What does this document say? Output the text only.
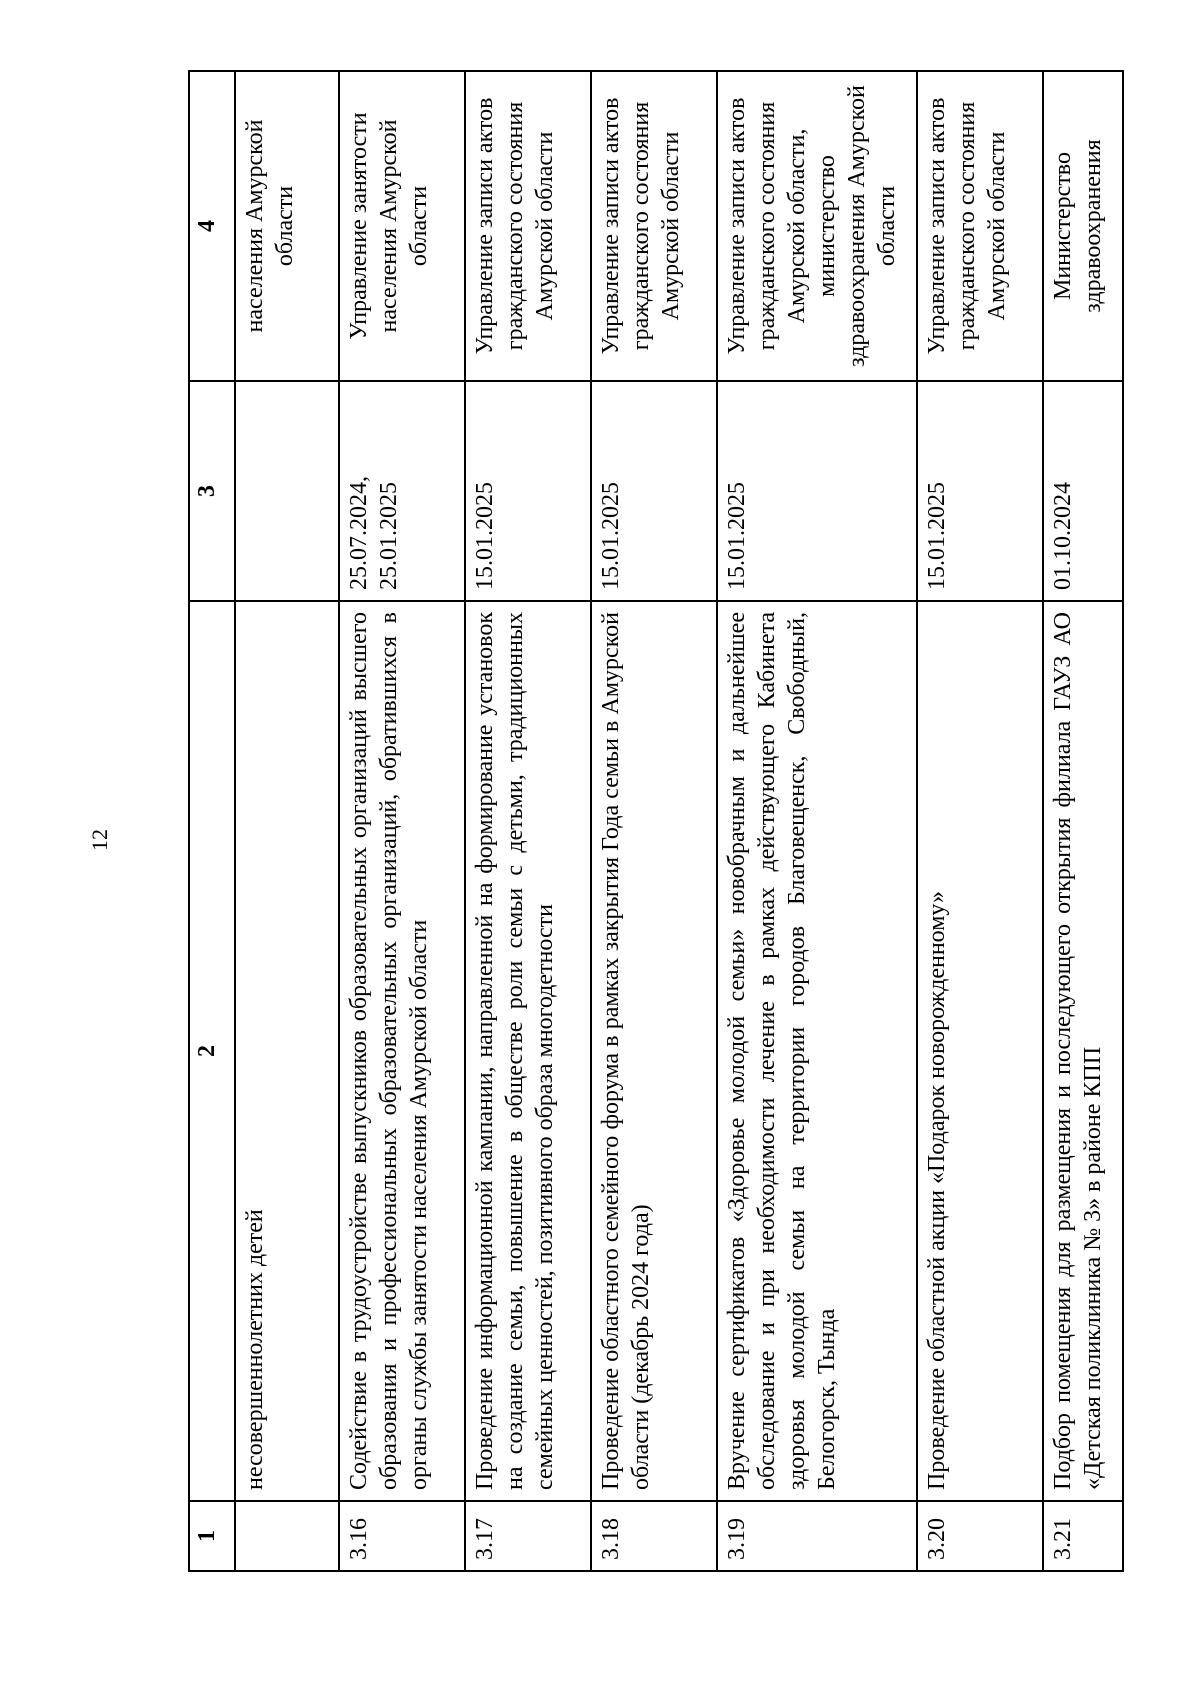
12
1	2	3	4
	несовершеннолетних детей		населения Амурской области
3.16	Содействие в трудоустройстве выпускников образовательных организаций высшего образования и профессиональных образовательных организаций, обратившихся в органы службы занятости населения Амурской области	25.07.2024, 25.01.2025	Управление занятости населения Амурской области
3.17	Проведение информационной кампании, направленной на формирование установок на создание семьи, повышение в обществе роли семьи с детьми, традиционных семейных ценностей, позитивного образа многодетности	15.01.2025	Управление записи актов гражданского состояния Амурской области
3.18	Проведение областного семейного форума в рамках закрытия Года семьи в Амурской области (декабрь 2024 года)	15.01.2025	Управление записи актов гражданского состояния Амурской области
3.19	Вручение сертификатов «Здоровье молодой семьи» новобрачным и дальнейшее обследование и при необходимости лечение в рамках действующего Кабинета здоровья молодой семьи на территории городов Благовещенск, Свободный, Белогорск, Тында	15.01.2025	Управление записи актов гражданского состояния Амурской области, министерство здравоохранения Амурской области
3.20	Проведение областной акции «Подарок новорожденному»	15.01.2025	Управление записи актов гражданского состояния Амурской области
3.21	Подбор помещения для размещения и последующего открытия филиала ГАУЗ АО «Детская поликлиника № 3» в районе КПП	01.10.2024	Министерство здравоохранения
